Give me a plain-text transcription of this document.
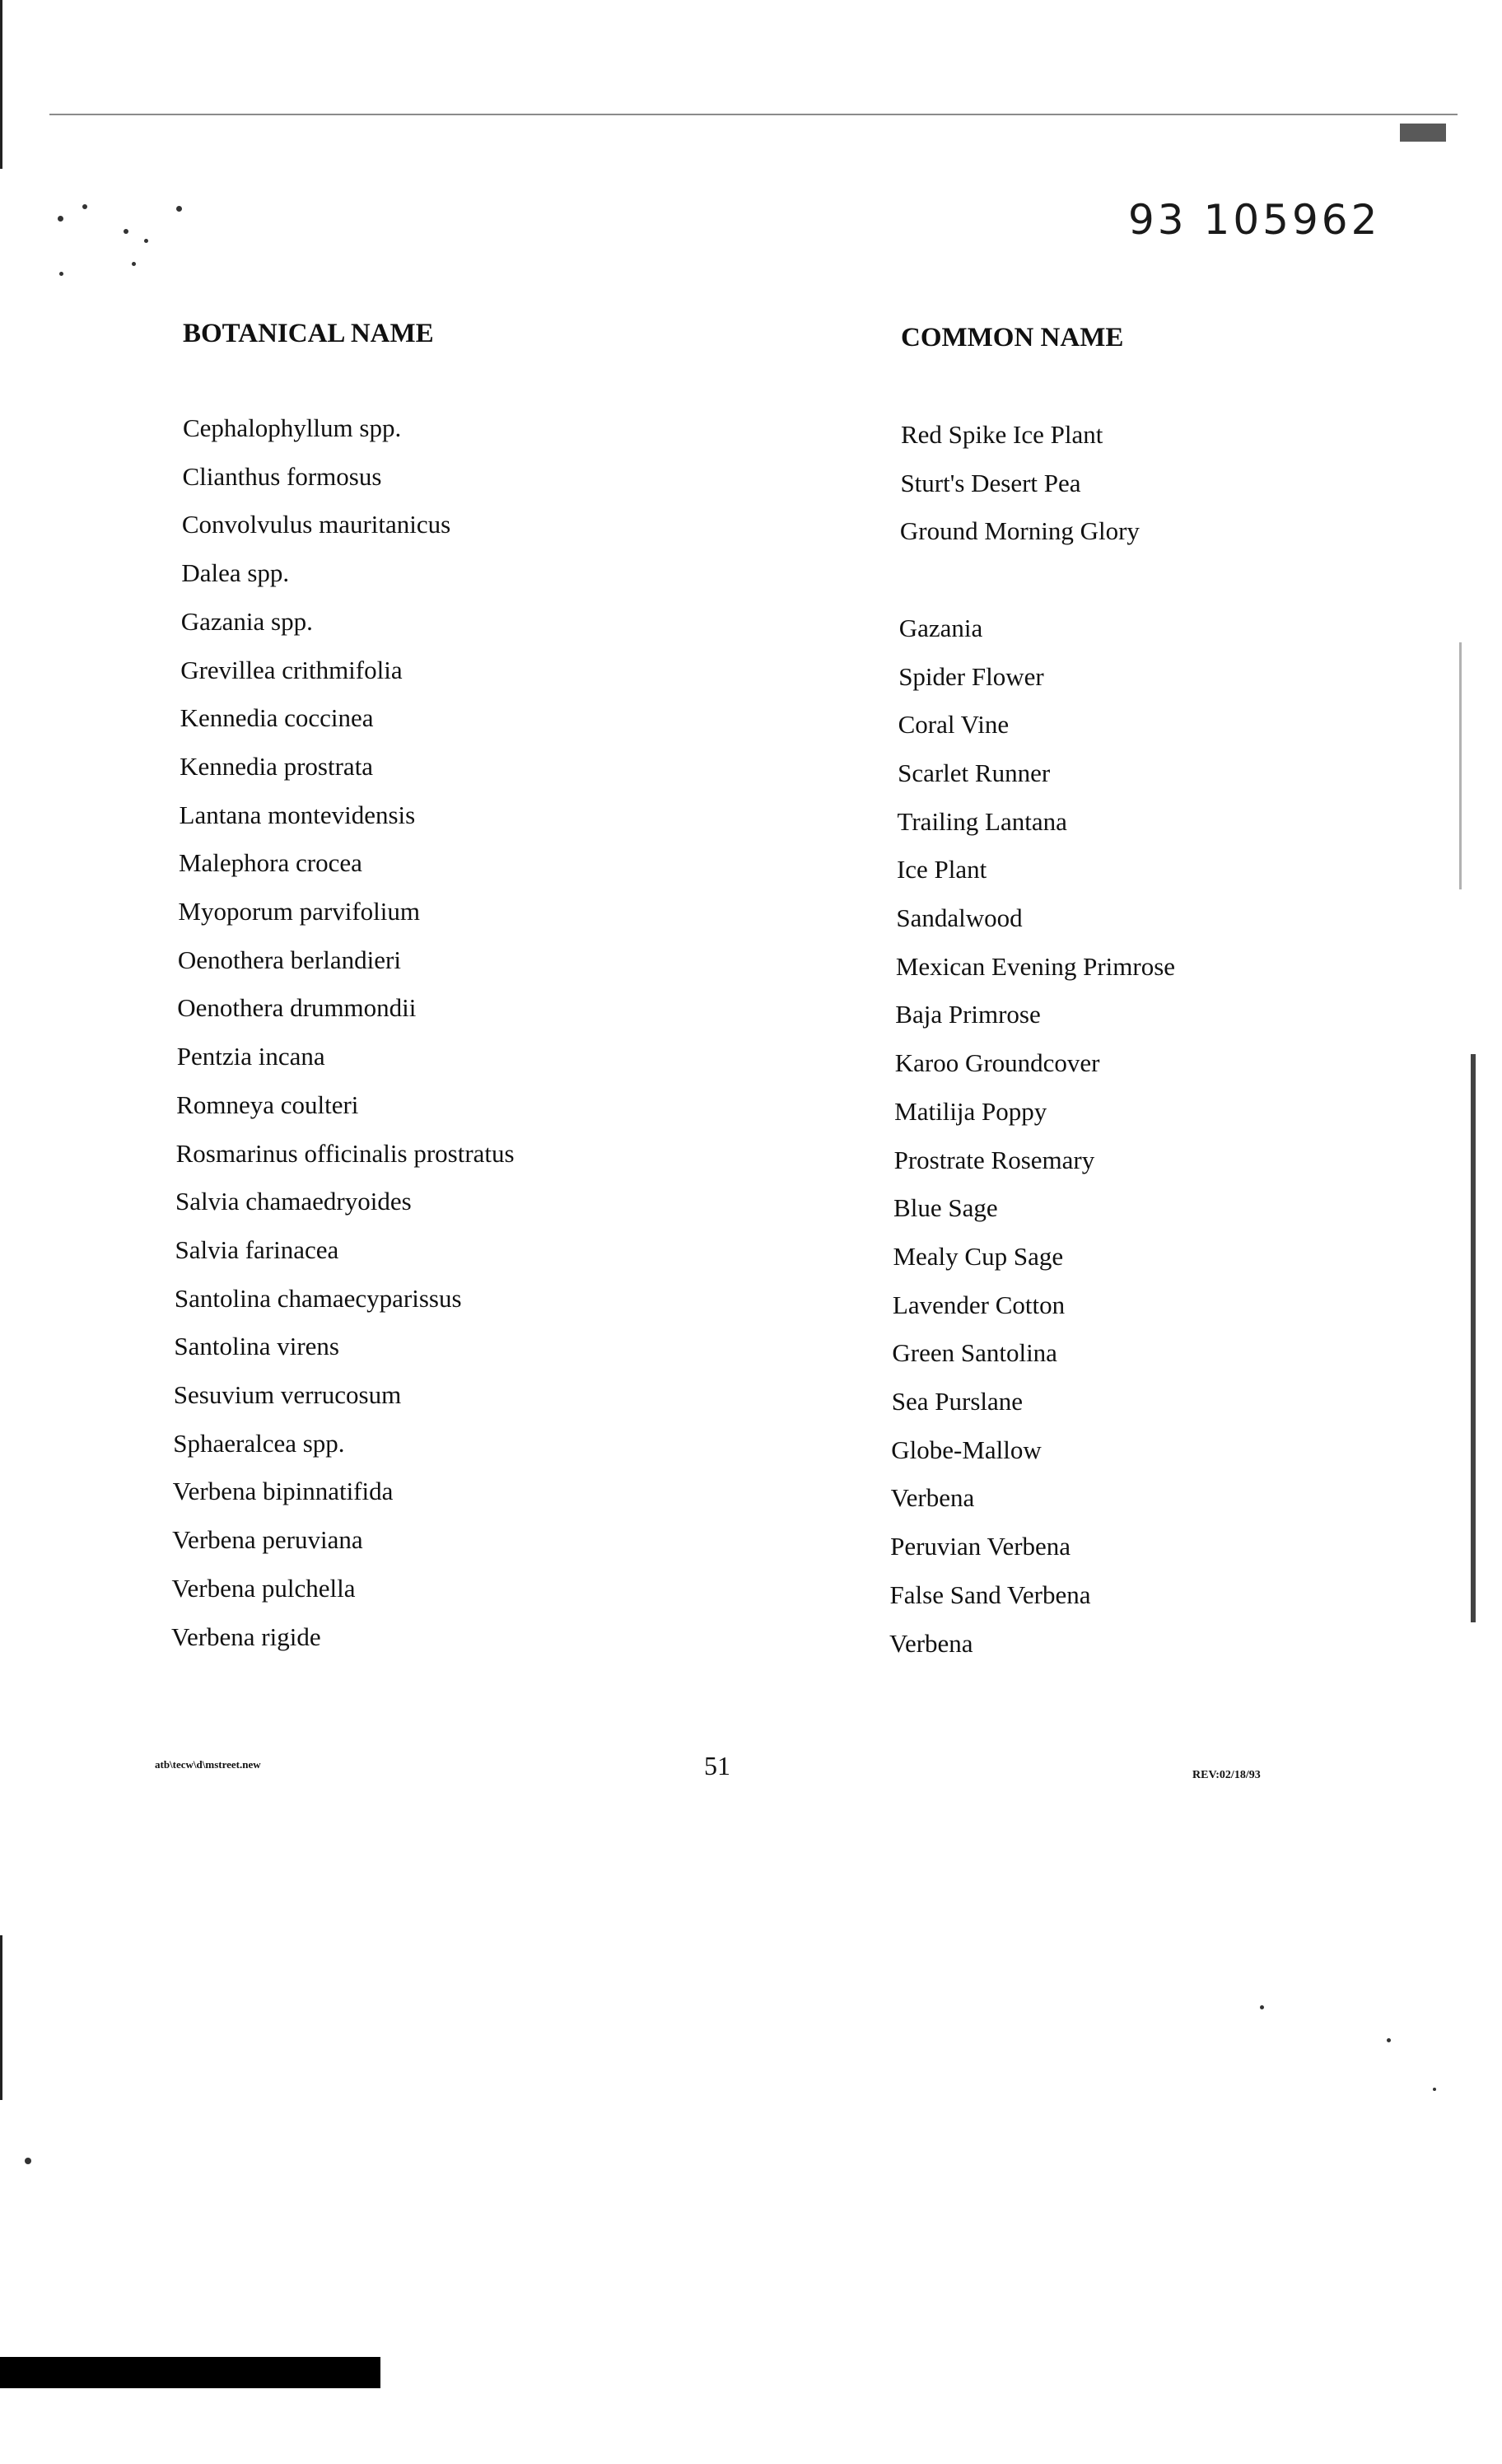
93 105962
BOTANICAL NAME	COMMON NAME
Cephalophyllum spp.	Red Spike Ice Plant
Clianthus formosus	Sturt's Desert Pea
Convolvulus mauritanicus	Ground Morning Glory
Dalea spp.
Gazania spp.	Gazania
Grevillea crithmifolia	Spider Flower
Kennedia coccinea	Coral Vine
Kennedia prostrata	Scarlet Runner
Lantana montevidensis	Trailing Lantana
Malephora crocea	Ice Plant
Myoporum parvifolium	Sandalwood
Oenothera berlandieri	Mexican Evening Primrose
Oenothera drummondii	Baja Primrose
Pentzia incana	Karoo Groundcover
Romneya coulteri	Matilija Poppy
Rosmarinus officinalis prostratus	Prostrate Rosemary
Salvia chamaedryoides	Blue Sage
Salvia farinacea	Mealy Cup Sage
Santolina chamaecyparissus	Lavender Cotton
Santolina virens	Green Santolina
Sesuvium verrucosum	Sea Purslane
Sphaeralcea spp.	Globe-Mallow
Verbena bipinnatifida	Verbena
Verbena peruviana	Peruvian Verbena
Verbena pulchella	False Sand Verbena
Verbena rigide	Verbena
atb\tecw\d\mstreet.new	51	REV:02/18/93
